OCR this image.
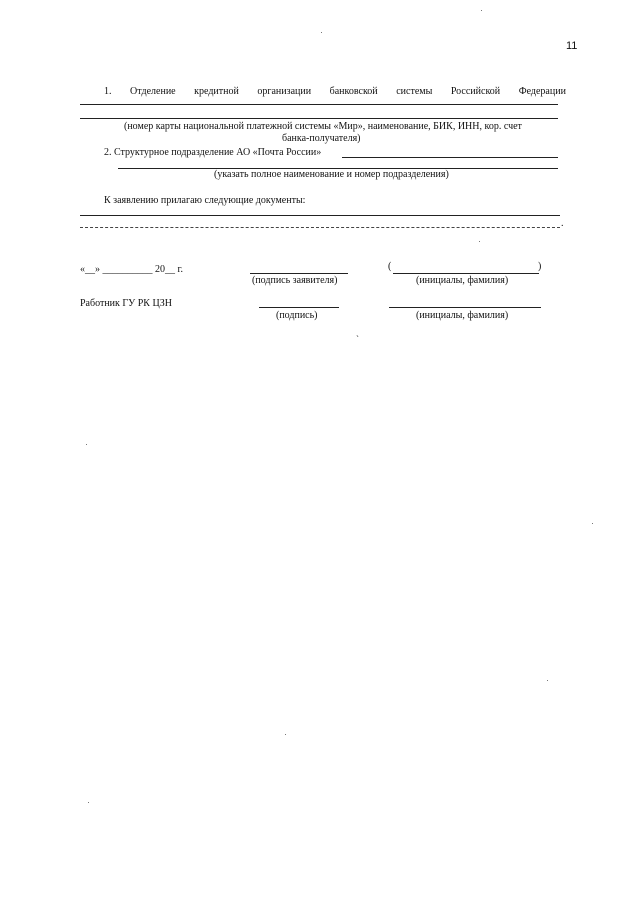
11
1. Отделение кредитной организации банковской системы Российской Федерации
(номер карты национальной платежной системы «Мир», наименование, БИК, ИНН, кор. счет
банка-получателя)
2. Структурное подразделение АО «Почта России»
(указать полное наименование и номер подразделения)
К заявлению прилагаю следующие документы:
.
«__» __________ 20__ г.
(подпись заявителя)
(	)
(инициалы, фамилия)
Работник ГУ РК ЦЗН
(подпись)	(инициалы, фамилия)
`
